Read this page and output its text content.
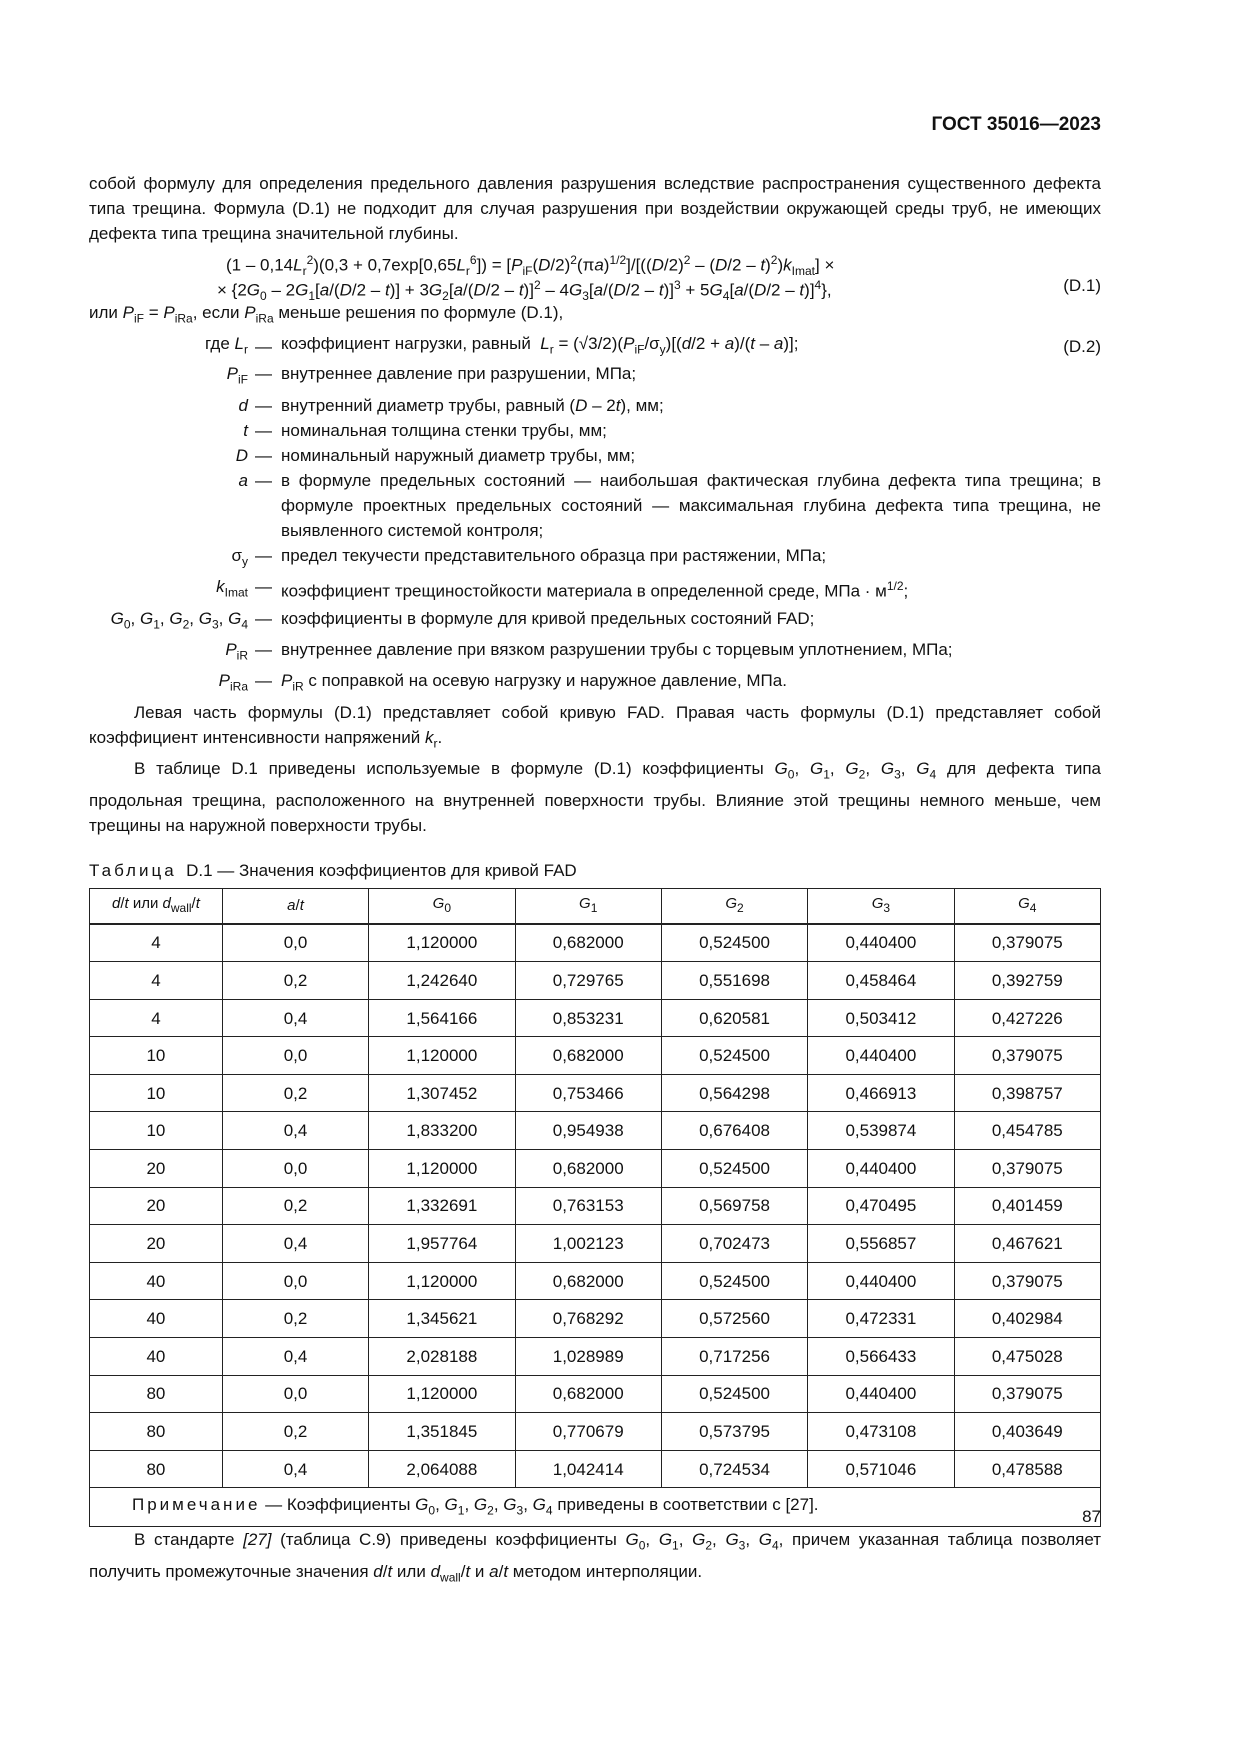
ГОСТ 35016—2023

собой формулу для определения предельного давления разрушения вследствие распространения существенного дефекта типа трещина. Формула (D.1) не подходит для случая разрушения при воздействии окружающей среды труб, не имеющих дефекта типа трещина значительной глубины.

$(1 - 0,14L_r^2)(0,3 + 0,7\exp[0,65L_r^6]) = [P_{iF}(D/2)^2(\pi a)^{1/2}]/[((D/2)^2 - (D/2 - t)^2)k_{Imat}]$ ×
× $\{2G_0 - 2G_1[a/(D/2 - t)] + 3G_2[a/(D/2 - t)]^2 - 4G_3[a/(D/2 - t)]^3 + 5G_4[a/(D/2 - t)]^4\}$,	(D.1)

или $P_{iF} = P_{iRa}$, если $P_{iRa}$ меньше решения по формуле (D.1),

где $L_r$ — коэффициент нагрузки, равный $L_r = (√3/2)(P_{iF}/\sigma_y)[(d/2 + a)/(t - a)]$;	(D.2)
$P_{iF}$ — внутреннее давление при разрушении, МПа;
d — внутренний диаметр трубы, равный (D – 2t), мм;
t — номинальная толщина стенки трубы, мм;
D — номинальный наружный диаметр трубы, мм;
a — в формуле предельных состояний — наибольшая фактическая глубина дефекта типа трещина; в формуле проектных предельных состояний — максимальная глубина дефекта типа трещина, не выявленного системой контроля;
$\sigma_y$ — предел текучести представительного образца при растяжении, МПа;
$k_{Imat}$ — коэффициент трещиностойкости материала в определенной среде, МПа · $м^{1/2}$;
$G_0$, $G_1$, $G_2$, $G_3$, $G_4$ — коэффициенты в формуле для кривой предельных состояний FAD;
$P_{iR}$ — внутреннее давление при вязком разрушении трубы с торцевым уплотнением, МПа;
$P_{iRa}$ — $P_{iR}$ с поправкой на осевую нагрузку и наружное давление, МПа.

Левая часть формулы (D.1) представляет собой кривую FAD. Правая часть формулы (D.1) представляет собой коэффициент интенсивности напряжений $k_r$.

В таблице D.1 приведены используемые в формуле (D.1) коэффициенты $G_0$, $G_1$, $G_2$, $G_3$, $G_4$ для дефекта типа продольная трещина, расположенного на внутренней поверхности трубы. Влияние этой трещины немного меньше, чем трещины на наружной поверхности трубы.

Таблица D.1 — Значения коэффициентов для кривой FAD
d/t или $d_{wall}/t$	a/t	$G_0$	$G_1$	$G_2$	$G_3$	$G_4$
4	0,0	1,120000	0,682000	0,524500	0,440400	0,379075
4	0,2	1,242640	0,729765	0,551698	0,458464	0,392759
4	0,4	1,564166	0,853231	0,620581	0,503412	0,427226
10	0,0	1,120000	0,682000	0,524500	0,440400	0,379075
10	0,2	1,307452	0,753466	0,564298	0,466913	0,398757
10	0,4	1,833200	0,954938	0,676408	0,539874	0,454785
20	0,0	1,120000	0,682000	0,524500	0,440400	0,379075
20	0,2	1,332691	0,763153	0,569758	0,470495	0,401459
20	0,4	1,957764	1,002123	0,702473	0,556857	0,467621
40	0,0	1,120000	0,682000	0,524500	0,440400	0,379075
40	0,2	1,345621	0,768292	0,572560	0,472331	0,402984
40	0,4	2,028188	1,028989	0,717256	0,566433	0,475028
80	0,0	1,120000	0,682000	0,524500	0,440400	0,379075
80	0,2	1,351845	0,770679	0,573795	0,473108	0,403649
80	0,4	2,064088	1,042414	0,724534	0,571046	0,478588
Примечание — Коэффициенты $G_0$, $G_1$, $G_2$, $G_3$, $G_4$ приведены в соответствии с [27].						

В стандарте [27] (таблица С.9) приведены коэффициенты $G_0$, $G_1$, $G_2$, $G_3$, $G_4$, причем указанная таблица позволяет получить промежуточные значения d/t или $d_{wall}/t$ и a/t методом интерполяции.

87
